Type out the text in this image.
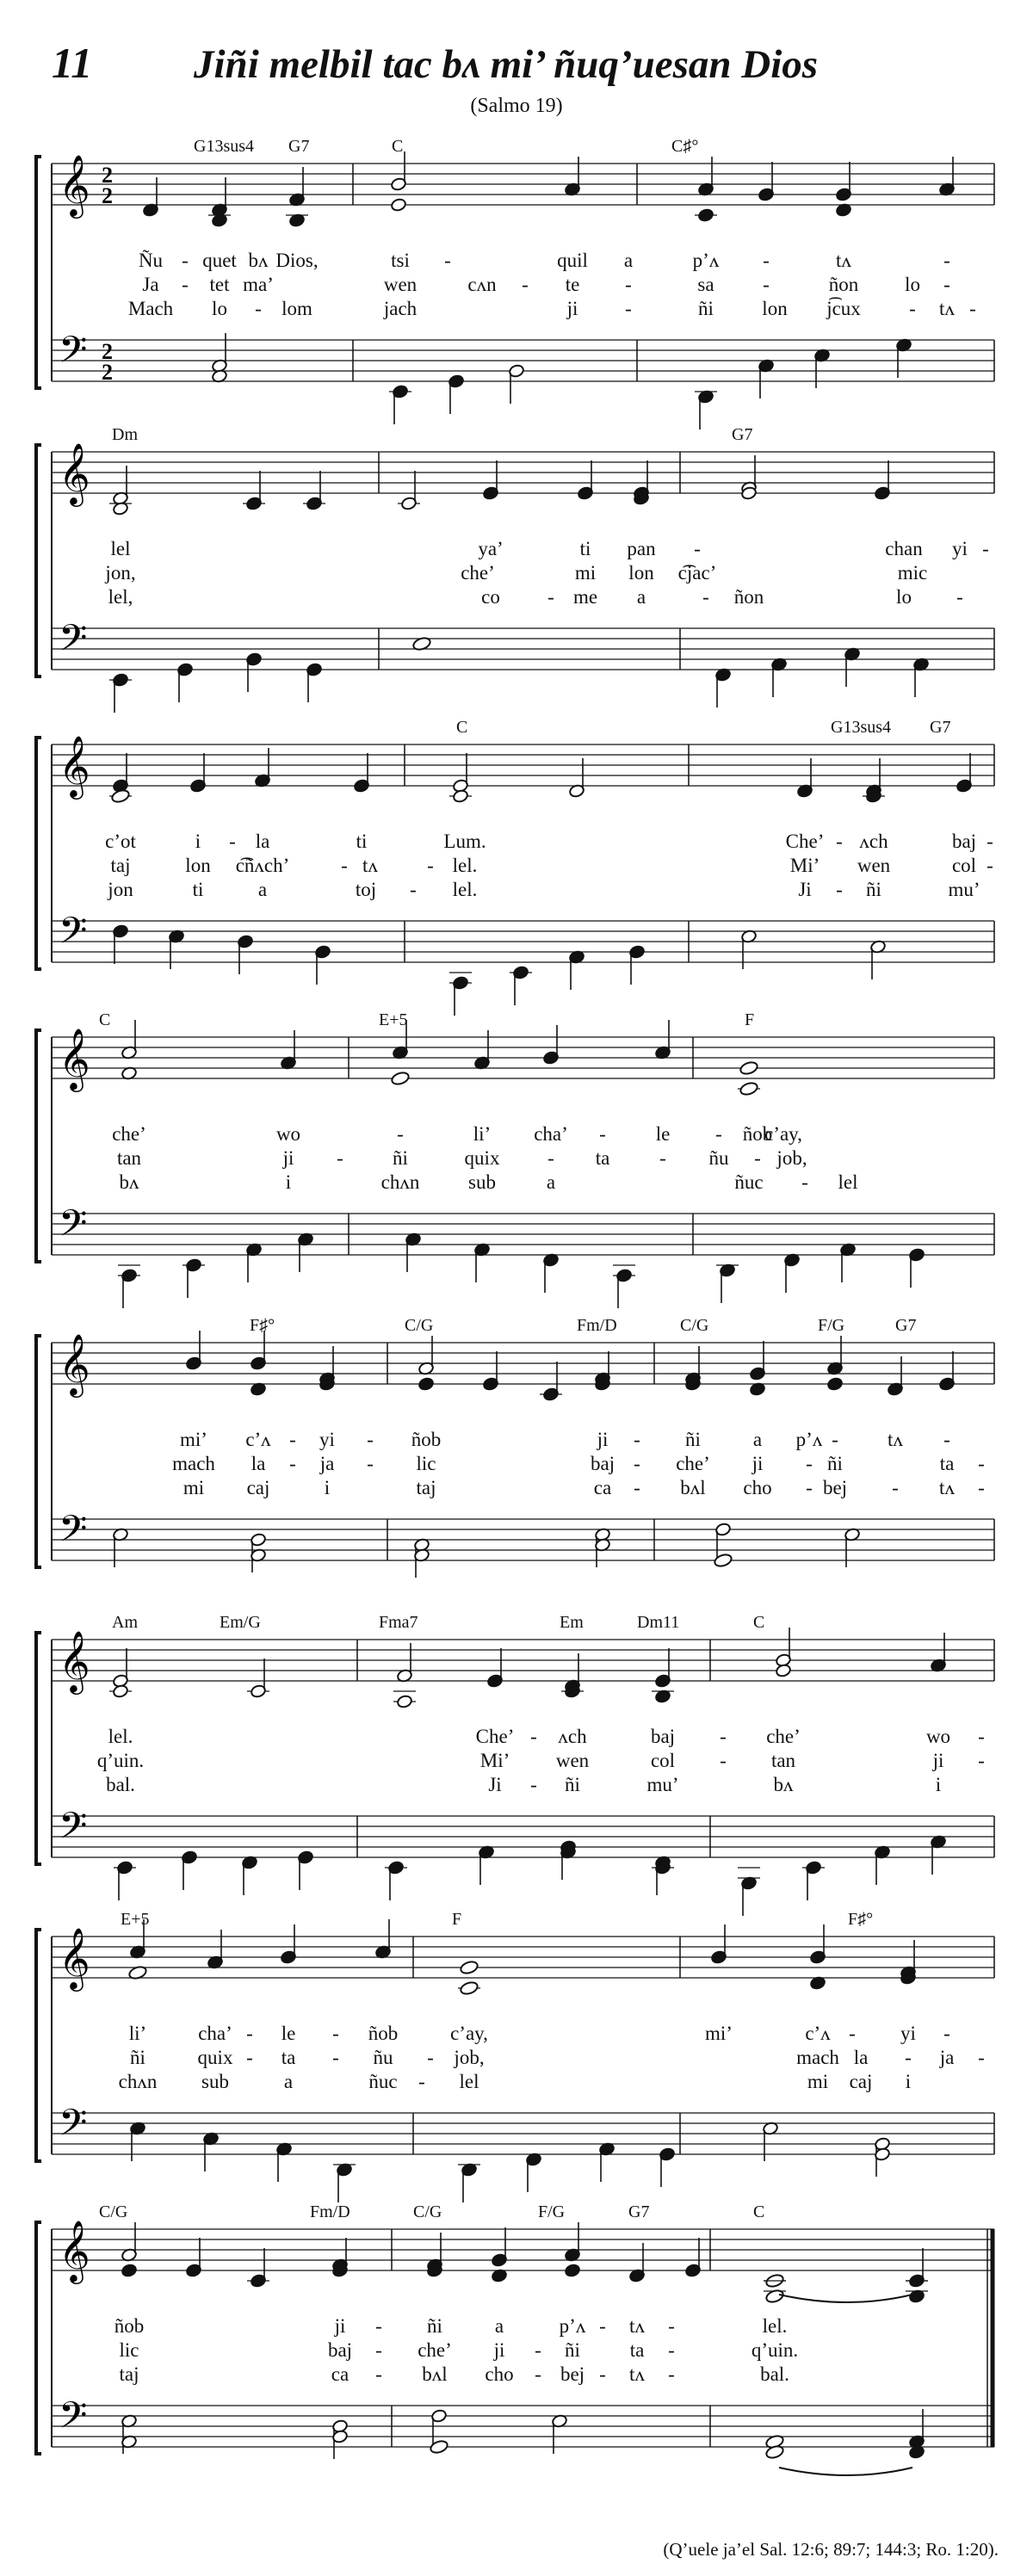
11	Jiñi melbil tac bʌ mi’ ñuq’uesan Dios
(Salmo 19)
𝄞
𝄢
2
2
2
2
G13sus4 G7	C	C♯°
Ñu - quet bʌ Dios,	tsi -	quil a	p’ʌ -	tʌ	-
Ja - tet ma’	wen	cʌn - te -	sa -	ñon lo -
Mach lo - lom	jach	ji -	ñi lon j͡cux - tʌ -
𝄞
𝄢
Dm	G7
lel	ya’	ti pan -	chan yi -
jon,	che’	mi lon c͡jac’	mic
lel,	co - me a	- ñon	lo -
𝄞
𝄢
C	G13sus4 G7
c’ot	i - la	ti	Lum.	Che’ - ʌch	baj -
taj	lon c͡ñʌch’	- tʌ - lel.	Mi’ wen	col -
jon	ti	a	toj - lel.	Ji - ñi	mu’
𝄞
𝄢
C	E+5	F
che’	wo	-	li’ cha’ -	le - ñob
c’ay,
tan	ji - ñi	quix - ta	- ñu - job,
bʌ	i	chʌn sub	a	ñuc - lel
𝄞
𝄢
F♯°	C/G	Fm/D	C/G	F/G	G7
mi’ c’ʌ - yi - ñob	ji - ñi	a p’ʌ - tʌ -
mach la - ja - lic	baj - che’ ji - ñi	ta -
mi caj	i	taj	ca - bʌl cho - bej - tʌ -
𝄞
𝄢
Am	Em/G	Fma7	Em	Dm11	C
lel.	Che’ - ʌch	baj - che’	wo -
q’uin.	Mi’ wen	col - tan	ji -
bal.	Ji - ñi	mu’	bʌ	i
𝄞
𝄢
E+5	F	F♯°
li’	cha’ - le - ñob	c’ay,	mi’	c’ʌ - yi -
ñi	quix - ta - ñu - job,	mach la - ja -
chʌn sub	a	ñuc - lel	mi caj i
𝄞
𝄢
C/G	Fm/D	C/G	F/G	G7	C
ñob	ji - ñi	a	p’ʌ - tʌ -	lel.
lic	baj - che’ ji - ñi	ta -	q’uin.
taj	ca - bʌl cho - bej - tʌ -	bal.
(Q’uele ja’el Sal. 12:6; 89:7; 144:3; Ro. 1:20).
